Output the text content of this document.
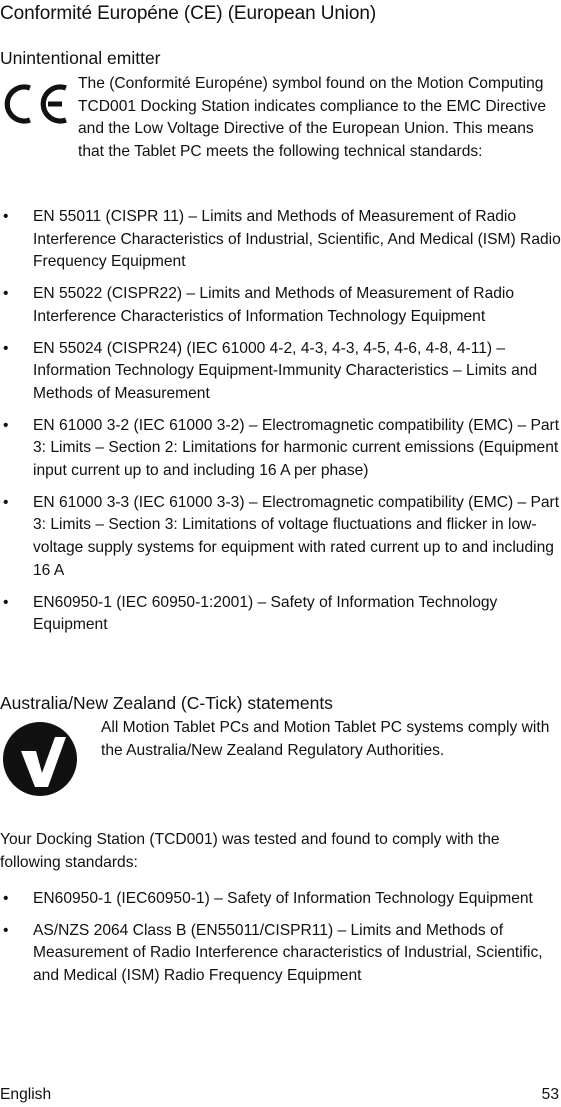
Conformité Européne (CE) (European Union)
Unintentional emitter

The (Conformité Européne) symbol found on the Motion Computing TCD001 Docking Station indicates compliance to the EMC Directive and the Low Voltage Directive of the European Union. This means that the Tablet PC meets the following technical standards:

• EN 55011 (CISPR 11) – Limits and Methods of Measurement of Radio Interference Characteristics of Industrial, Scientific, And Medical (ISM) Radio Frequency Equipment
• EN 55022 (CISPR22) – Limits and Methods of Measurement of Radio Interference Characteristics of Information Technology Equipment
• EN 55024 (CISPR24) (IEC 61000 4-2, 4-3, 4-3, 4-5, 4-6, 4-8, 4-11) – Information Technology Equipment-Immunity Characteristics – Limits and Methods of Measurement
• EN 61000 3-2 (IEC 61000 3-2) – Electromagnetic compatibility (EMC) – Part 3: Limits – Section 2: Limitations for harmonic current emissions (Equipment input current up to and including 16 A per phase)
• EN 61000 3-3 (IEC 61000 3-3) – Electromagnetic compatibility (EMC) – Part 3: Limits – Section 3: Limitations of voltage fluctuations and flicker in low-voltage supply systems for equipment with rated current up to and including 16 A
• EN60950-1 (IEC 60950-1:2001) – Safety of Information Technology Equipment
Australia/New Zealand (C-Tick) statements
All Motion Tablet PCs and Motion Tablet PC systems comply with the Australia/New Zealand Regulatory Authorities.
Your Docking Station (TCD001) was tested and found to comply with the following standards:
• EN60950-1 (IEC60950-1) – Safety of Information Technology Equipment
• AS/NZS 2064 Class B (EN55011/CISPR11) – Limits and Methods of Measurement of Radio Interference characteristics of Industrial, Scientific, and Medical (ISM) Radio Frequency Equipment
English	53
